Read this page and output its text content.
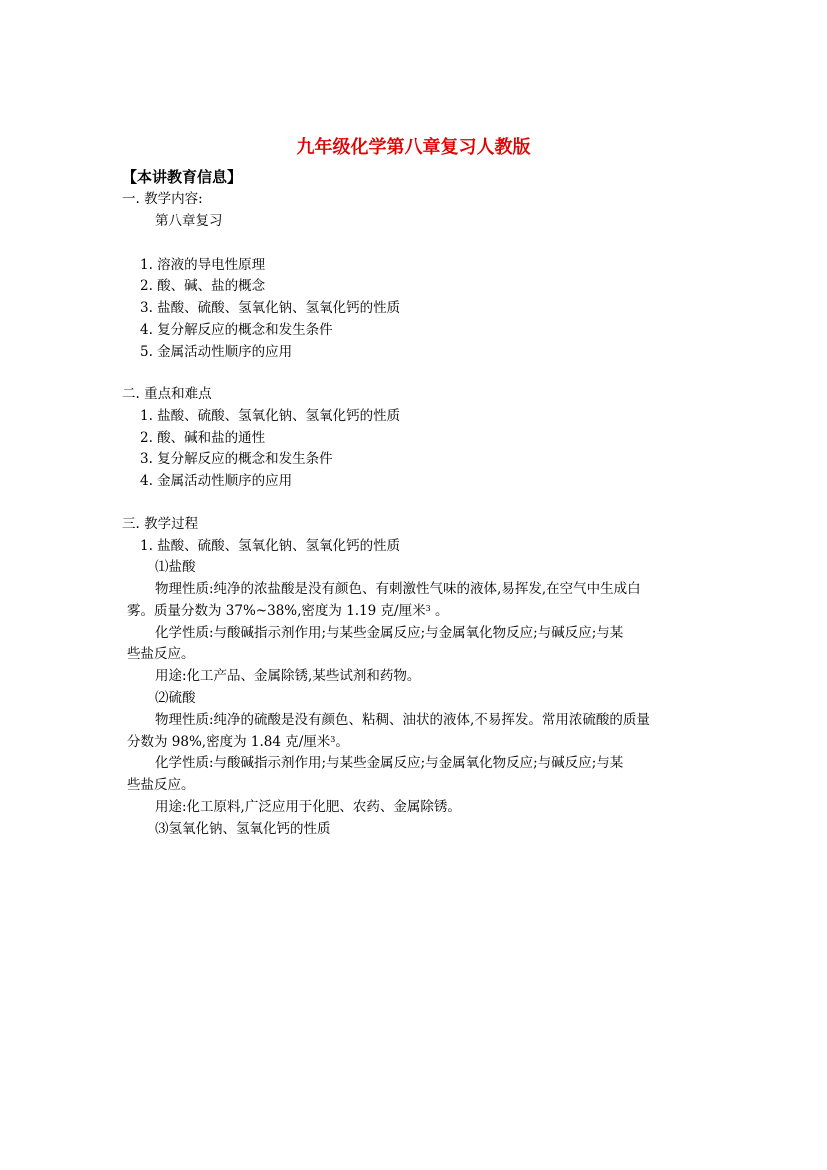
九年级化学第八章复习人教版
【本讲教育信息】
一. 教学内容:
第八章复习
1. 溶液的导电性原理
2. 酸、碱、盐的概念
3. 盐酸、硫酸、氢氧化钠、氢氧化钙的性质
4. 复分解反应的概念和发生条件
5. 金属活动性顺序的应用
二. 重点和难点
1. 盐酸、硫酸、氢氧化钠、氢氧化钙的性质
2. 酸、碱和盐的通性
3. 复分解反应的概念和发生条件
4. 金属活动性顺序的应用
三. 教学过程
1. 盐酸、硫酸、氢氧化钠、氢氧化钙的性质
⑴盐酸
物理性质:纯净的浓盐酸是没有颜色、有刺激性气味的液体,易挥发,在空气中生成白
雾。质量分数为 37%~38%,密度为 1.19 克/厘米$^3$ 。
化学性质:与酸碱指示剂作用;与某些金属反应;与金属氧化物反应;与碱反应;与某
些盐反应。
用途:化工产品、金属除锈,某些试剂和药物。
⑵硫酸
物理性质:纯净的硫酸是没有颜色、粘稠、油状的液体,不易挥发。常用浓硫酸的质量
分数为 98%,密度为 1.84 克/厘米$^3$。
化学性质:与酸碱指示剂作用;与某些金属反应;与金属氧化物反应;与碱反应;与某
些盐反应。
用途:化工原料,广泛应用于化肥、农药、金属除锈。
⑶氢氧化钠、氢氧化钙的性质
